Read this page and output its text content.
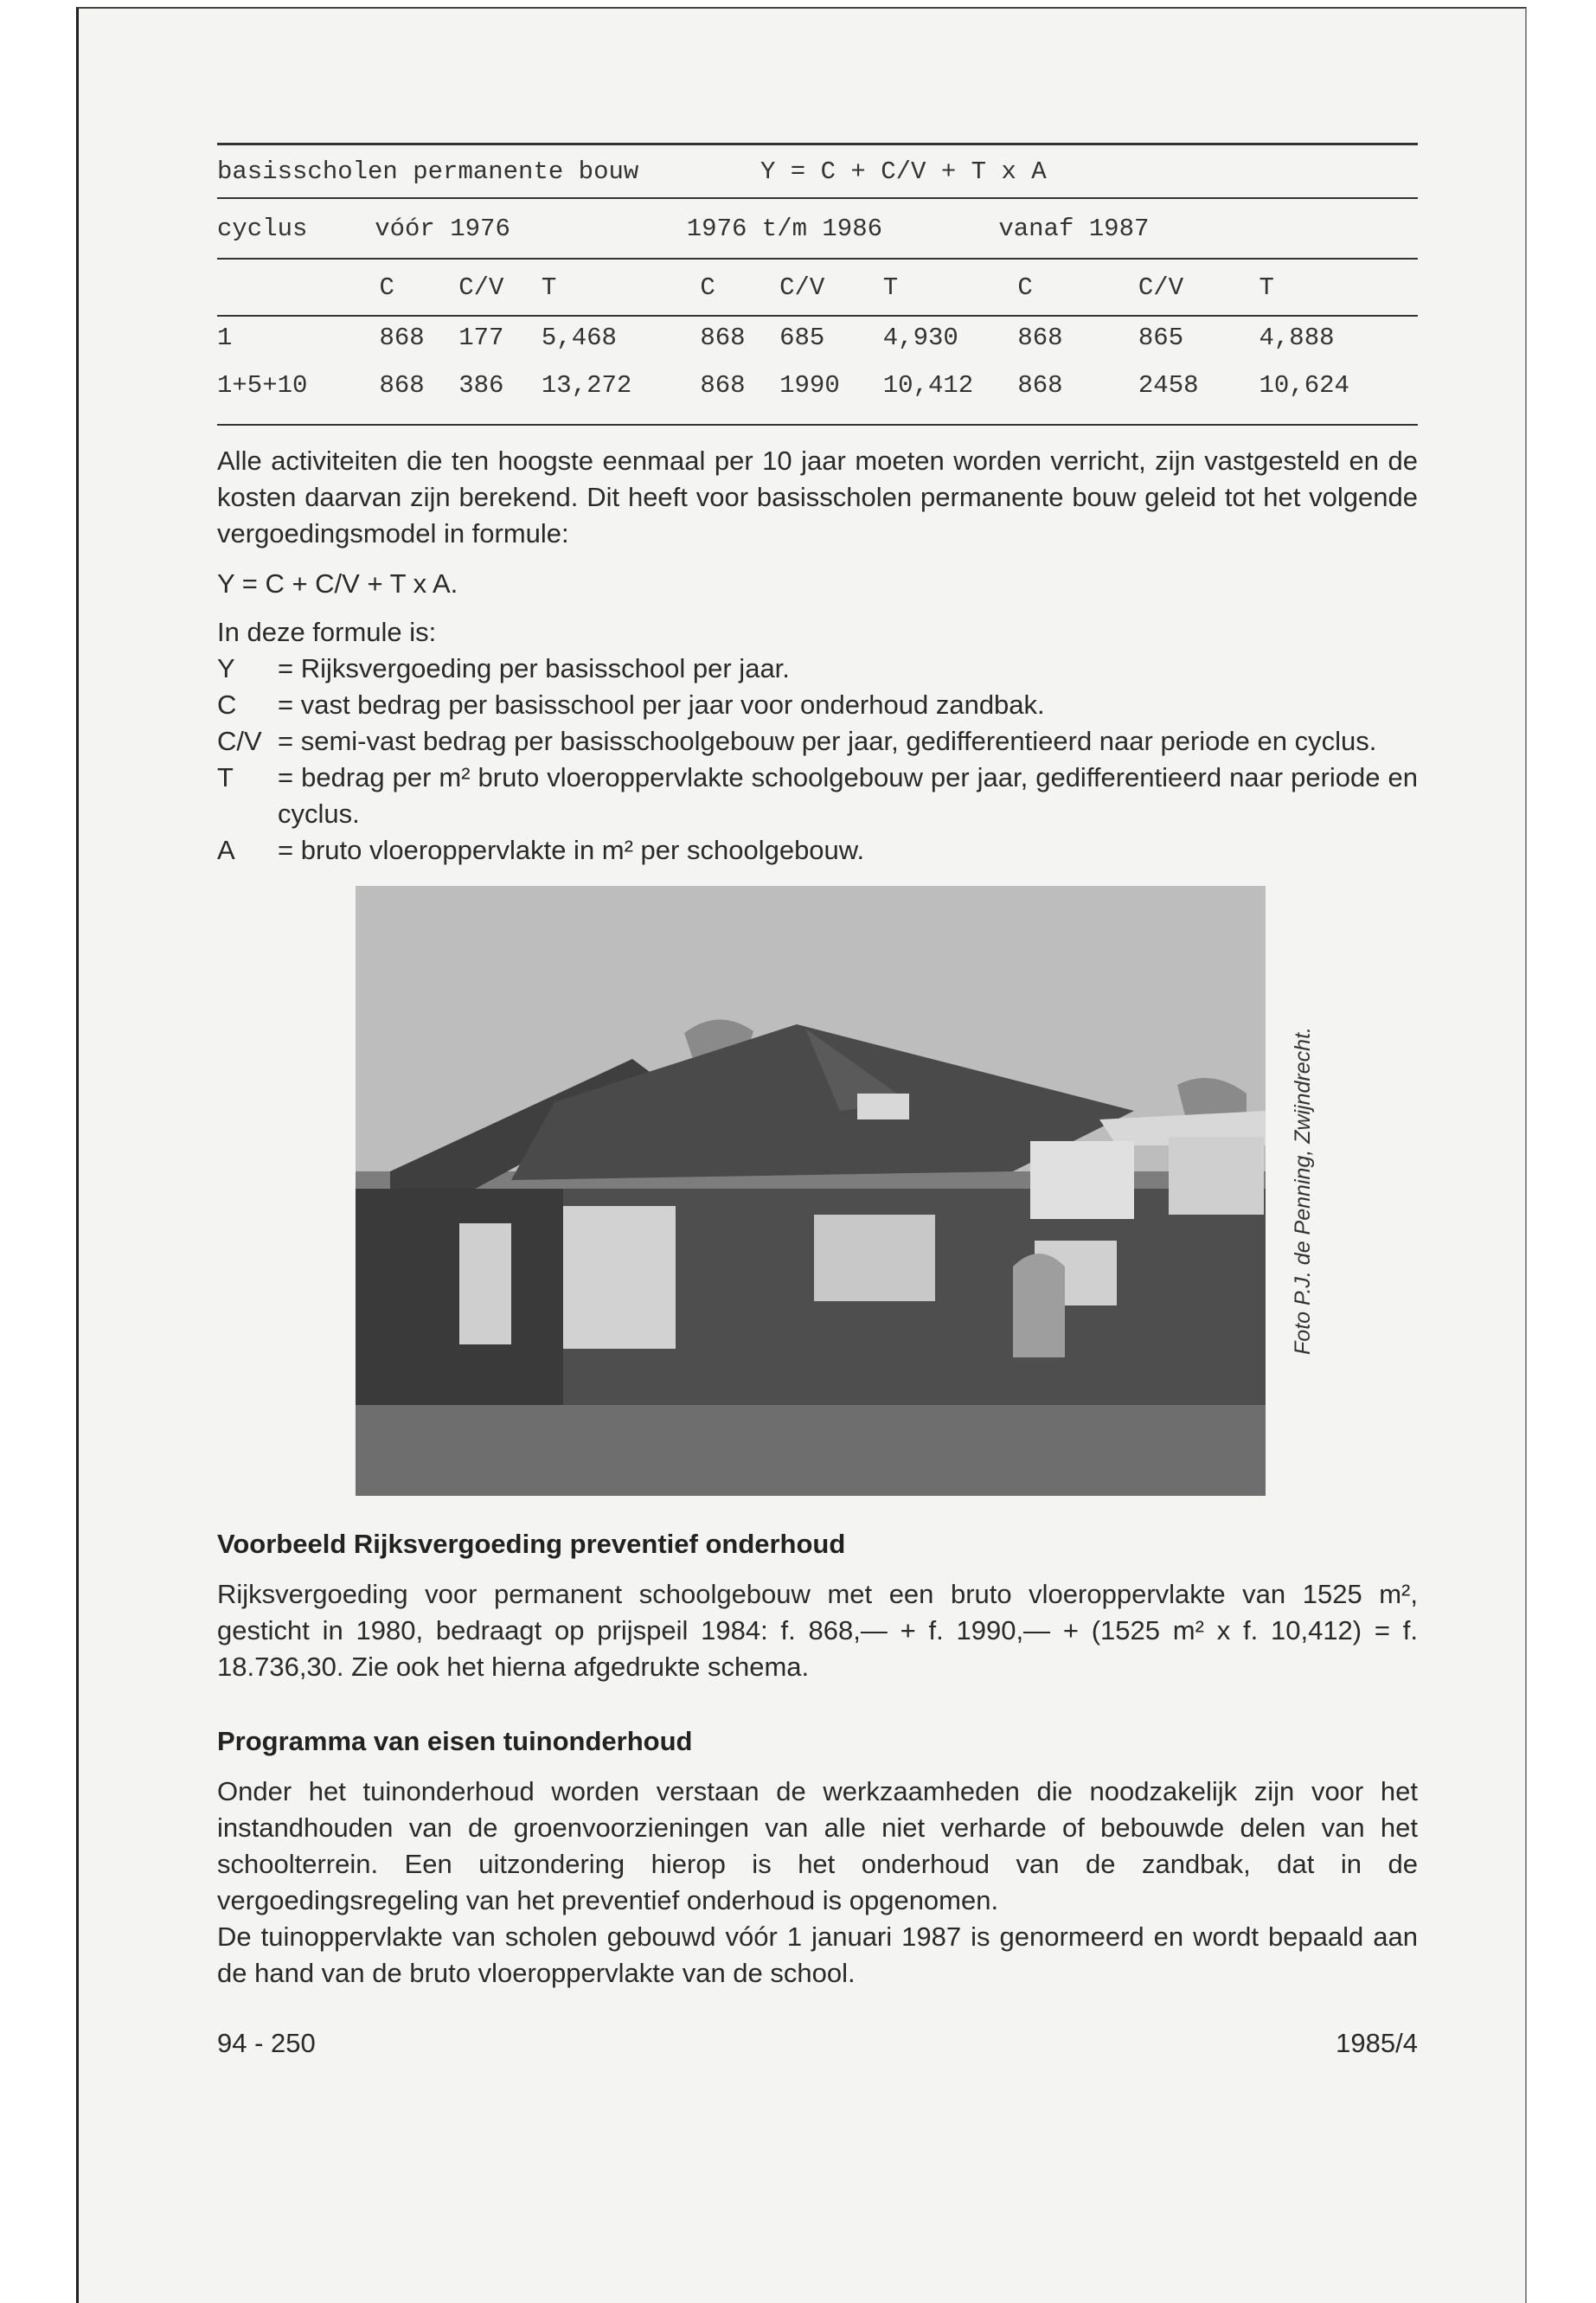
basisscholen permanente bouw	Y = C + C/V + T x A
cyclus	vóór 1976	1976 t/m 1986	vanaf 1987
C	C/V	T	C	C/V	T	C	C/V	T
1	868	177	5,468	868	685	4,930	868	865	4,888
1+5+10	868	386	13,272	868	1990	10,412	868	2458	10,624

Alle activiteiten die ten hoogste eenmaal per 10 jaar moeten worden verricht, zijn vastgesteld en de kosten daarvan zijn berekend. Dit heeft voor basisscholen permanente bouw geleid tot het volgende vergoedingsmodel in formule:

Y = C + C/V + T x A.
In deze formule is:
Y	= Rijksvergoeding per basisschool per jaar.
C	= vast bedrag per basisschool per jaar voor onderhoud zandbak.
C/V = semi-vast bedrag per basisschoolgebouw per jaar, gedifferentieerd naar periode en cyclus.
T	= bedrag per m² bruto vloeroppervlakte schoolgebouw per jaar, gedifferentieerd naar periode en cyclus.
A	= bruto vloeroppervlakte in m² per schoolgebouw.
Foto P.J. de Penning, Zwijndrecht.
Voorbeeld Rijksvergoeding preventief onderhoud

Rijksvergoeding voor permanent schoolgebouw met een bruto vloeroppervlakte van 1525 m², gesticht in 1980, bedraagt op prijspeil 1984: f. 868,— + f. 1990,— + (1525 m² x f. 10,412) = f. 18.736,30. Zie ook het hierna afgedrukte schema.

Programma van eisen tuinonderhoud

Onder het tuinonderhoud worden verstaan de werkzaamheden die noodzakelijk zijn voor het instandhouden van de groenvoorzieningen van alle niet verharde of bebouwde delen van het schoolterrein. Een uitzondering hierop is het onderhoud van de zandbak, dat in de vergoedingsregeling van het preventief onderhoud is opgenomen.

De tuinoppervlakte van scholen gebouwd vóór 1 januari 1987 is genormeerd en wordt bepaald aan de hand van de bruto vloeroppervlakte van de school.

94 - 250	1985/4
